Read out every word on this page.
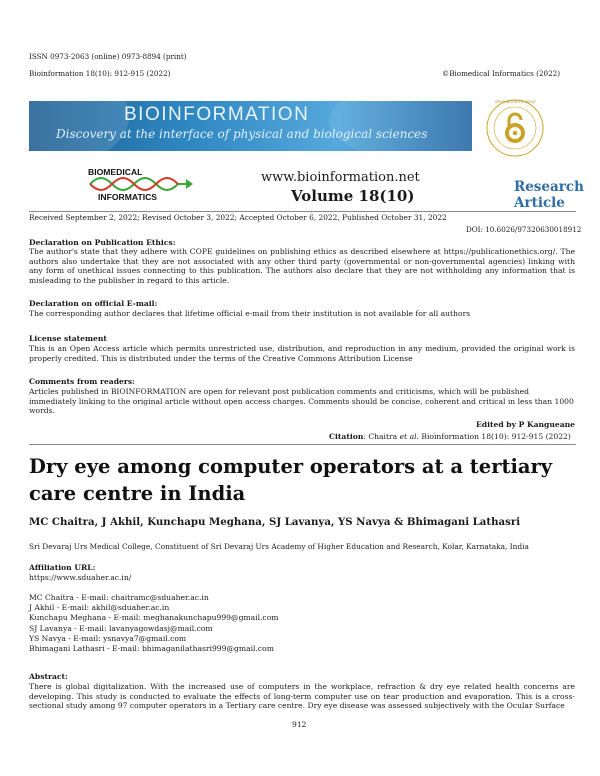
ISSN 0973-2063 (online) 0973-8894 (print)
Bioinformation 18(10): 912-915 (2022)	©Biomedical Informatics (2022)
BIOINFORMATION
Discovery at the interface of physical and biological sciences
OPEN ACCESS GOLD
BIOMEDICAL
INFORMATICS
www.bioinformation.net
Volume 18(10)	Research Article
Received September 2, 2022; Revised October 3, 2022; Accepted October 6, 2022, Published October 31, 2022
DOI: 10.6026/97320630018912
Declaration on Publication Ethics:
The author's state that they adhere with COPE guidelines on publishing ethics as described elsewhere at https://publicationethics.org/. The authors also undertake that they are not associated with any other third party (governmental or non-governmental agencies) linking with any form of unethical issues connecting to this publication. The authors also declare that they are not withholding any information that is misleading to the publisher in regard to this article.
Declaration on official E-mail:
The corresponding author declares that lifetime official e-mail from their institution is not available for all authors
License statement
This is an Open Access article which permits unrestricted use, distribution, and reproduction in any medium, provided the original work is properly credited. This is distributed under the terms of the Creative Commons Attribution License
Comments from readers:
Articles published in BIOINFORMATION are open for relevant post publication comments and criticisms, which will be published immediately linking to the original article without open access charges. Comments should be concise, coherent and critical in less than 1000 words.
Edited by P Kangueane
Citation: Chaitra et al. Bioinformation 18(10): 912-915 (2022)
Dry eye among computer operators at a tertiary care centre in India
MC Chaitra, J Akhil, Kunchapu Meghana, SJ Lavanya, YS Navya & Bhimagani Lathasri
Sri Devaraj Urs Medical College, Constituent of Sri Devaraj Urs Academy of Higher Education and Research, Kolar, Karnataka, India
Affiliation URL:
https://www.sduaher.ac.in/
MC Chaitra - E-mail: chaitramc@sduaher.ac.in
J Akhil - E-mail: akhil@sduaher.ac.in
Kunchapu Meghana - E-mail: meghanakunchapu999@gmail.com
SJ Lavanya - E-mail: lavanyagowdasj@mail.com
YS Navya - E-mail: ysnavya7@gmail.com
Bhimagani Lathasri - E-mail: bhimaganilathasri999@gmail.com
Abstract:
There is global digitalization. With the increased use of computers in the workplace, refraction & dry eye related health concerns are developing. This study is conducted to evaluate the effects of long-term computer use on tear production and evaporation. This is a cross-sectional study among 97 computer operators in a Tertiary care centre. Dry eye disease was assessed subjectively with the Ocular Surface
912
